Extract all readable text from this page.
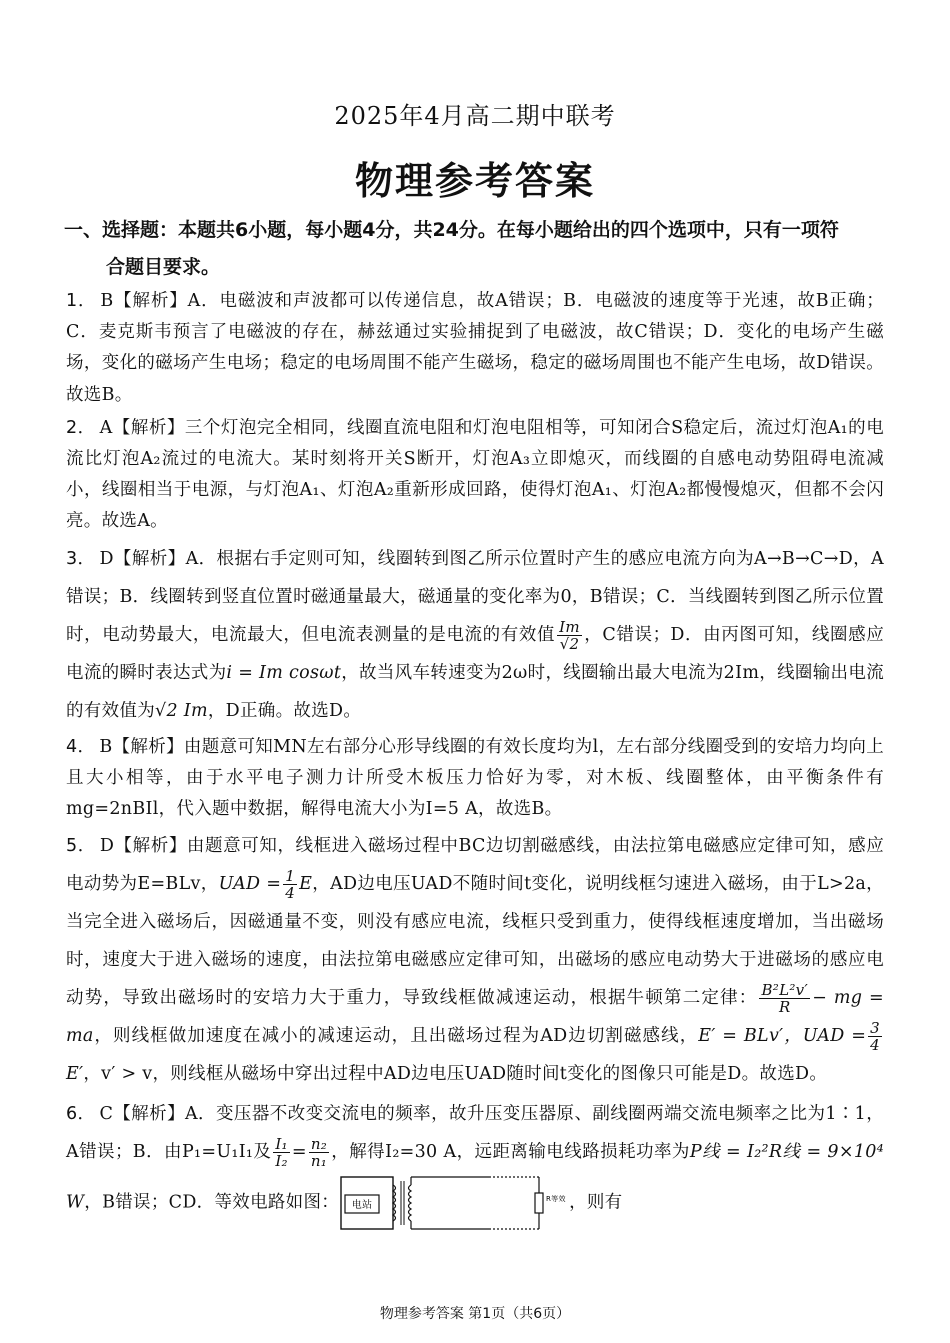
2025年4月高二期中联考
物理参考答案
一、选择题：本题共6小题，每小题4分，共24分。在每小题给出的四个选项中，只有一项符
合题目要求。
1． B【解析】A．电磁波和声波都可以传递信息，故A错误；B．电磁波的速度等于光速，故B正确；C．麦克斯韦预言了电磁波的存在，赫兹通过实验捕捉到了电磁波，故C错误；D．变化的电场产生磁场，变化的磁场产生电场；稳定的电场周围不能产生磁场，稳定的磁场周围也不能产生电场，故D错误。故选B。
2． A【解析】三个灯泡完全相同，线圈直流电阻和灯泡电阻相等，可知闭合S稳定后，流过灯泡A₁的电流比灯泡A₂流过的电流大。某时刻将开关S断开，灯泡A₃立即熄灭，而线圈的自感电动势阻碍电流减小，线圈相当于电源，与灯泡A₁、灯泡A₂重新形成回路，使得灯泡A₁、灯泡A₂都慢慢熄灭，但都不会闪亮。故选A。
3． D【解析】A．根据右手定则可知，线圈转到图乙所示位置时产生的感应电流方向为A→B→C→D，A错误；B．线圈转到竖直位置时磁通量最大，磁通量的变化率为0，B错误；C．当线圈转到图乙所示位置时，电动势最大，电流最大，但电流表测量的是电流的有效值 $\frac{Im}{√2}$ ，C错误；D．由丙图可知，线圈感应电流的瞬时表达式为i = Im cosωt，故当风车转速变为2ω时，线圈输出最大电流为2Im，线圈输出电流的有效值为√2 Im，D正确。故选D。
4． B【解析】由题意可知MN左右部分心形导线圈的有效长度均为l，左右部分线圈受到的安培力均向上且大小相等，由于水平电子测力计所受木板压力恰好为零，对木板、线圈整体，由平衡条件有mg=2nBIl，代入题中数据，解得电流大小为I=5 A，故选B。
5． D【解析】由题意可知，线框进入磁场过程中BC边切割磁感线，由法拉第电磁感应定律可知，感应电动势为E=BLv，UAD = $\frac{1}{4}$ E，AD边电压UAD不随时间t变化，说明线框匀速进入磁场，由于L>2a，当完全进入磁场后，因磁通量不变，则没有感应电流，线框只受到重力，使得线框速度增加，当出磁场时，速度大于进入磁场的速度，由法拉第电磁感应定律可知，出磁场的感应电动势大于进磁场的感应电动势，导致出磁场时的安培力大于重力，导致线框做减速运动，根据牛顿第二定律： $\frac{\text{B²L²v′}}{R}$ − mg = ma，则线框做加速度在减小的减速运动，且出磁场过程为AD边切割磁感线，E′ = BLv′，UAD = $\frac{3}{4}$
E′，v′ > v，则线框从磁场中穿出过程中AD边电压UAD随时间t变化的图像只可能是D。故选D。
6． C【解析】A．变压器不改变交流电的频率，故升压变压器原、副线圈两端交流电频率之比为1∶1，A错误；B．由P₁=U₁I₁及 $\frac{\text{I₁}}{\text{I₂}} = \frac{\text{n₂}}{\text{n₁}}$ ，解得I₂=30 A，远距离输电线路损耗功率为P线 = I₂²R线 = 9×10⁴ W，B错误；CD．等效电路如图： 电站
R等效 ，则有
物理参考答案 第1页（共6页）
